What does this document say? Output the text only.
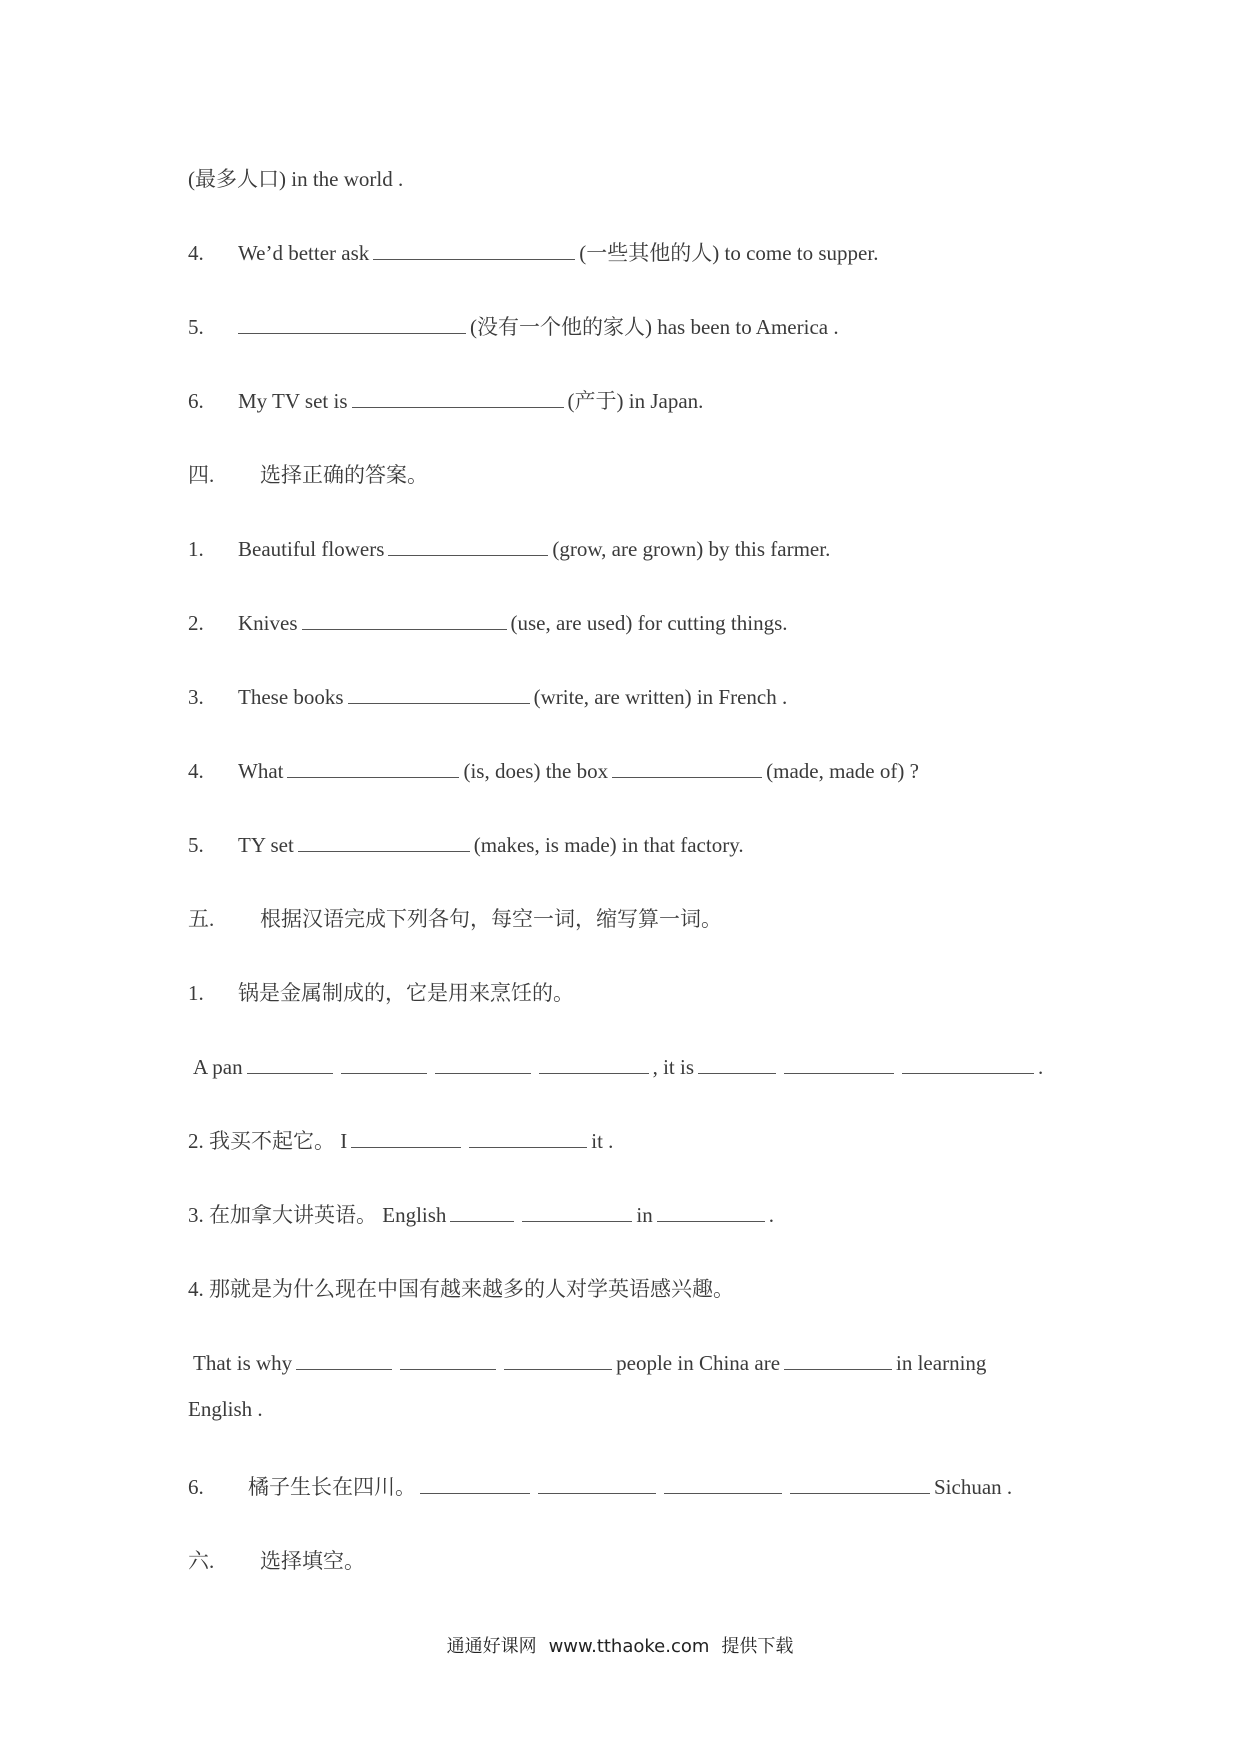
(最多人口) in the world .
4. We’d better ask	(一些其他的人) to come to supper.
5.	(没有一个他的家人) has been to America .
6. My TV set is	(产于) in Japan.
四. 选择正确的答案。
1. Beautiful flowers	(grow, are grown) by this farmer.
2. Knives	(use, are used) for cutting things.
3. These books	(write, are written) in French .
4. What	(is, does) the box	(made, made of) ?
5. TY set	(makes, is made) in that factory.
五. 根据汉语完成下列各句，每空一词，缩写算一词。
1. 锅是金属制成的，它是用来烹饪的。
A pan	, it is	.
2. 我买不起它。 I	it .
3. 在加拿大讲英语。 English	in	.
4. 那就是为什么现在中国有越来越多的人对学英语感兴趣。
That is why	people in China are	in learning
English .
6. 橘子生长在四川。	Sichuan .
六. 选择填空。
通通好课网 www.tthaoke.com 提供下载
